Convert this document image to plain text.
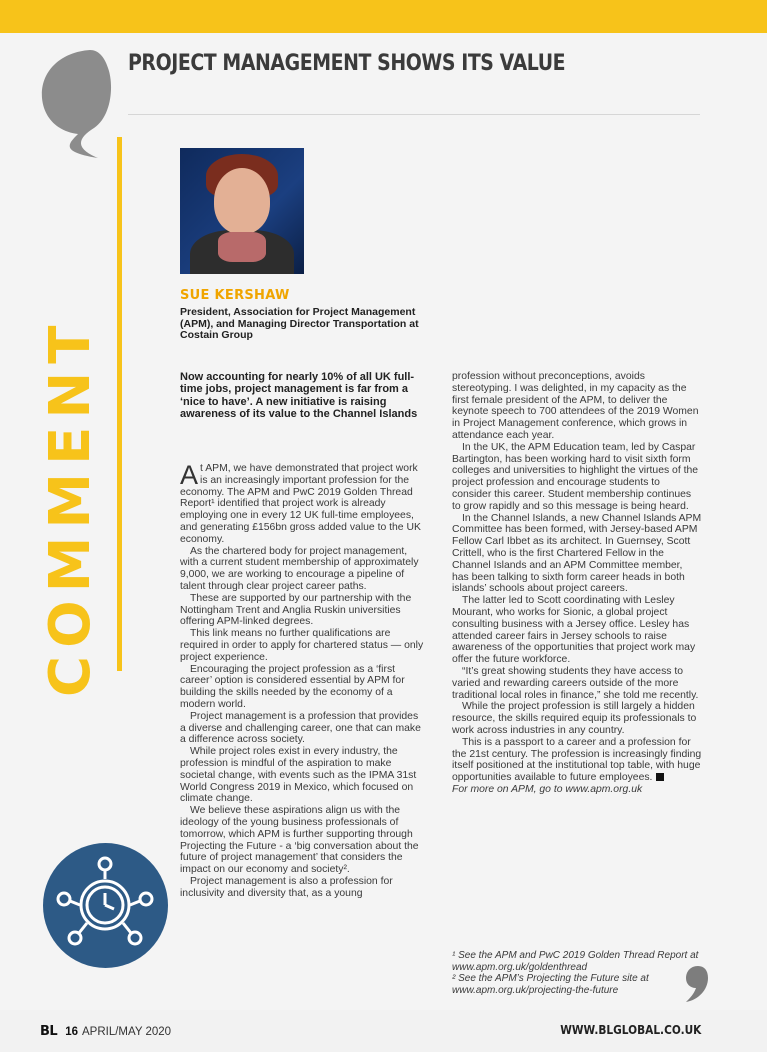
PROJECT MANAGEMENT SHOWS ITS VALUE
COMMENT
SUE KERSHAW
President, Association for Project Management (APM), and Managing Director Transportation at Costain Group
Now accounting for nearly 10% of all UK full-time jobs, project management is far from a ‘nice to have’. A new initiative is raising awareness of its value to the Channel Islands

At APM, we have demonstrated that project work is an increasingly important profession for the economy. The APM and PwC 2019 Golden Thread Report¹ identified that project work is already employing one in every 12 UK full-time employees, and generating £156bn gross added value to the UK economy.

As the chartered body for project management, with a current student membership of approximately 9,000, we are working to encourage a pipeline of talent through clear project career paths.

These are supported by our partnership with the Nottingham Trent and Anglia Ruskin universities offering APM-linked degrees.

This link means no further qualifications are required in order to apply for chartered status — only project experience.

Encouraging the project profession as a ‘first career’ option is considered essential by APM for building the skills needed by the economy of a modern world.

Project management is a profession that provides a diverse and challenging career, one that can make a difference across society.

While project roles exist in every industry, the profession is mindful of the aspiration to make societal change, with events such as the IPMA 31st World Congress 2019 in Mexico, which focused on climate change.

We believe these aspirations align us with the ideology of the young business professionals of tomorrow, which APM is further supporting through Projecting the Future - a ‘big conversation about the future of project management’ that considers the impact on our economy and society².

Project management is also a profession for inclusivity and diversity that, as a young

profession without preconceptions, avoids stereotyping. I was delighted, in my capacity as the first female president of the APM, to deliver the keynote speech to 700 attendees of the 2019 Women in Project Management conference, which grows in attendance each year.

In the UK, the APM Education team, led by Caspar Bartington, has been working hard to visit sixth form colleges and universities to highlight the virtues of the project profession and encourage students to consider this career. Student membership continues to grow rapidly and so this message is being heard.

In the Channel Islands, a new Channel Islands APM Committee has been formed, with Jersey-based APM Fellow Carl Ibbet as its architect. In Guernsey, Scott Crittell, who is the first Chartered Fellow in the Channel Islands and an APM Committee member, has been talking to sixth form career heads in both islands’ schools about project careers.

The latter led to Scott coordinating with Lesley Mourant, who works for Sionic, a global project consulting business with a Jersey office. Lesley has attended career fairs in Jersey schools to raise awareness of the opportunities that project work may offer the future workforce.

“It’s great showing students they have access to varied and rewarding careers outside of the more traditional local roles in finance,” she told me recently.

While the project profession is still largely a hidden resource, the skills required equip its professionals to work across industries in any country.

This is a passport to a career and a profession for the 21st century. The profession is increasingly finding itself positioned at the institutional top table, with huge opportunities available to future employees.

For more on APM, go to www.apm.org.uk

¹ See the APM and PwC 2019 Golden Thread Report at www.apm.org.uk/goldenthread

² See the APM’s Projecting the Future site at www.apm.org.uk/projecting-the-future

BL 16 APRIL/MAY 2020	WWW.BLGLOBAL.CO.UK
